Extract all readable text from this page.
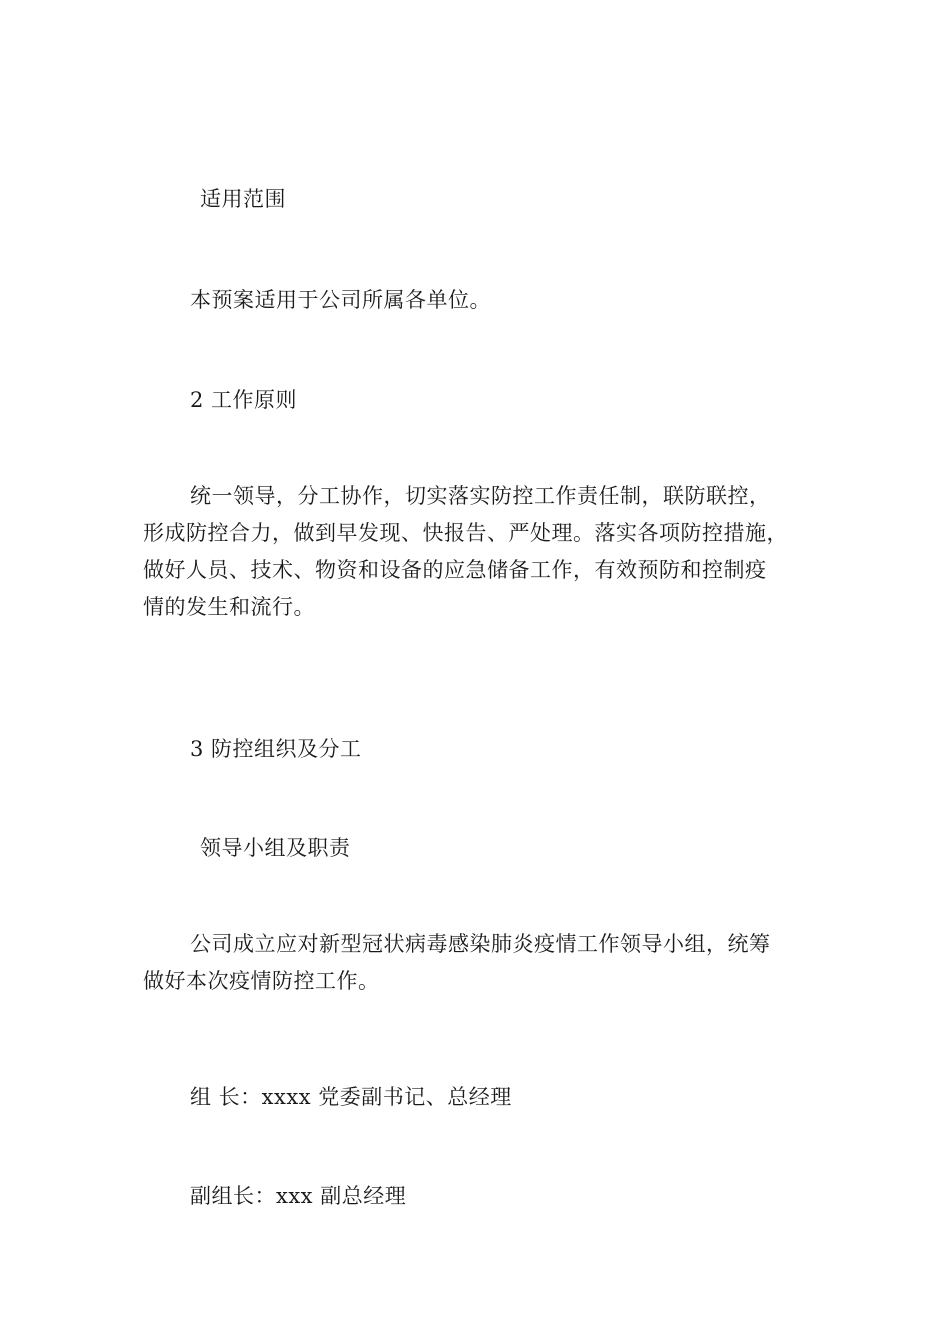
适用范围
本预案适用于公司所属各单位。
2 工作原则
统一领导，分工协作，切实落实防控工作责任制，联防联控，
形成防控合力，做到早发现、快报告、严处理。落实各项防控措施，
做好人员、技术、物资和设备的应急储备工作，有效预防和控制疫
情的发生和流行。
3 防控组织及分工
领导小组及职责
公司成立应对新型冠状病毒感染肺炎疫情工作领导小组，统筹
做好本次疫情防控工作。
组 长：xxxx 党委副书记、总经理
副组长：xxx 副总经理
